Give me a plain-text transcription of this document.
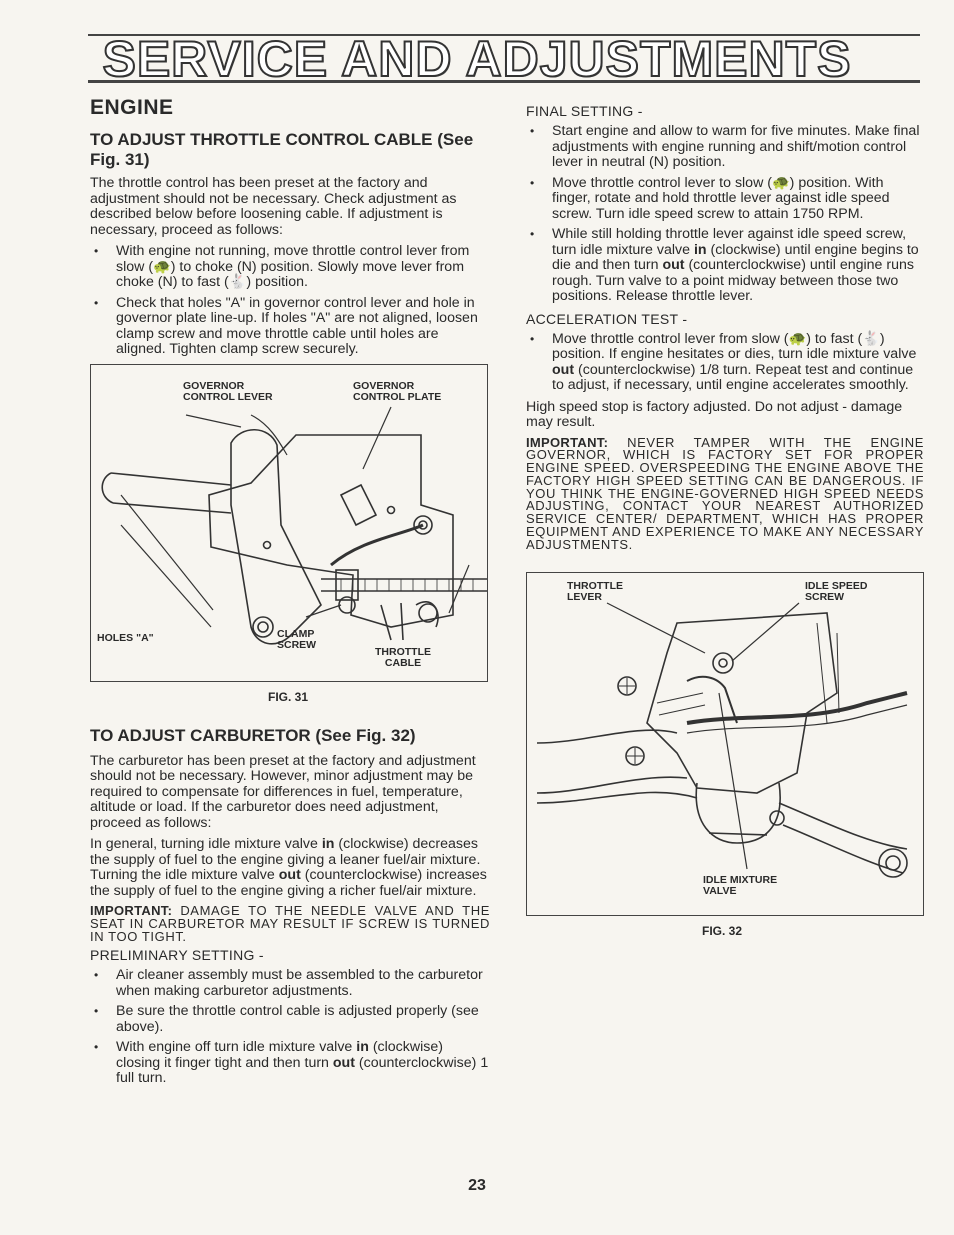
SERVICE AND ADJUSTMENTS
ENGINE
TO ADJUST THROTTLE CONTROL CABLE (See Fig. 31)

The throttle control has been preset at the factory and adjustment should not be necessary. Check adjustment as described below before loosening cable. If adjustment is necessary, proceed as follows:

• With engine not running, move throttle control lever from slow (🐢) to choke (N) position. Slowly move lever from choke (N) to fast (🐇) position.
• Check that holes "A" in governor control lever and hole in governor plate line-up. If holes "A" are not aligned, loosen clamp screw and move throttle cable until holes are aligned. Tighten clamp screw securely.
GOVERNOR
CONTROL LEVER
GOVERNOR
CONTROL PLATE
HOLES "A"	CLAMP
SCREW
THROTTLE
CABLE
FIG. 31
TO ADJUST CARBURETOR (See Fig. 32)

The carburetor has been preset at the factory and adjustment should not be necessary. However, minor adjustment may be required to compensate for differences in fuel, temperature, altitude or load. If the carburetor does need adjustment, proceed as follows:

In general, turning idle mixture valve in (clockwise) decreases the supply of fuel to the engine giving a leaner fuel/air mixture. Turning the idle mixture valve out (counterclockwise) increases the supply of fuel to the engine giving a richer fuel/air mixture.

IMPORTANT: DAMAGE TO THE NEEDLE VALVE AND THE SEAT IN CARBURETOR MAY RESULT IF SCREW IS TURNED IN TOO TIGHT.

PRELIMINARY SETTING -
• Air cleaner assembly must be assembled to the carburetor when making carburetor adjustments.
• Be sure the throttle control cable is adjusted properly (see above).
• With engine off turn idle mixture valve in (clockwise) closing it finger tight and then turn out (counterclockwise) 1 full turn.
FINAL SETTING -
• Start engine and allow to warm for five minutes. Make final adjustments with engine running and shift/motion control lever in neutral (N) position.
• Move throttle control lever to slow (🐢) position. With finger, rotate and hold throttle lever against idle speed screw. Turn idle speed screw to attain 1750 RPM.
• While still holding throttle lever against idle speed screw, turn idle mixture valve in (clockwise) until engine begins to die and then turn out (counterclockwise) until engine runs rough. Turn valve to a point midway between those two positions. Release throttle lever.
ACCELERATION TEST -
• Move throttle control lever from slow (🐢) to fast (🐇) position. If engine hesitates or dies, turn idle mixture valve out (counterclockwise) 1/8 turn. Repeat test and continue to adjust, if necessary, until engine accelerates smoothly.

High speed stop is factory adjusted. Do not adjust - damage may result.

IMPORTANT: NEVER TAMPER WITH THE ENGINE GOVERNOR, WHICH IS FACTORY SET FOR PROPER ENGINE SPEED. OVERSPEEDING THE ENGINE ABOVE THE FACTORY HIGH SPEED SETTING CAN BE DANGEROUS. IF YOU THINK THE ENGINE-GOVERNED HIGH SPEED NEEDS ADJUSTING, CONTACT YOUR NEAREST AUTHORIZED SERVICE CENTER/ DEPARTMENT, WHICH HAS PROPER EQUIPMENT AND EXPERIENCE TO MAKE ANY NECESSARY ADJUSTMENTS.

THROTTLE
LEVER
IDLE SPEED
SCREW
IDLE MIXTURE
VALVE
FIG. 32
23
